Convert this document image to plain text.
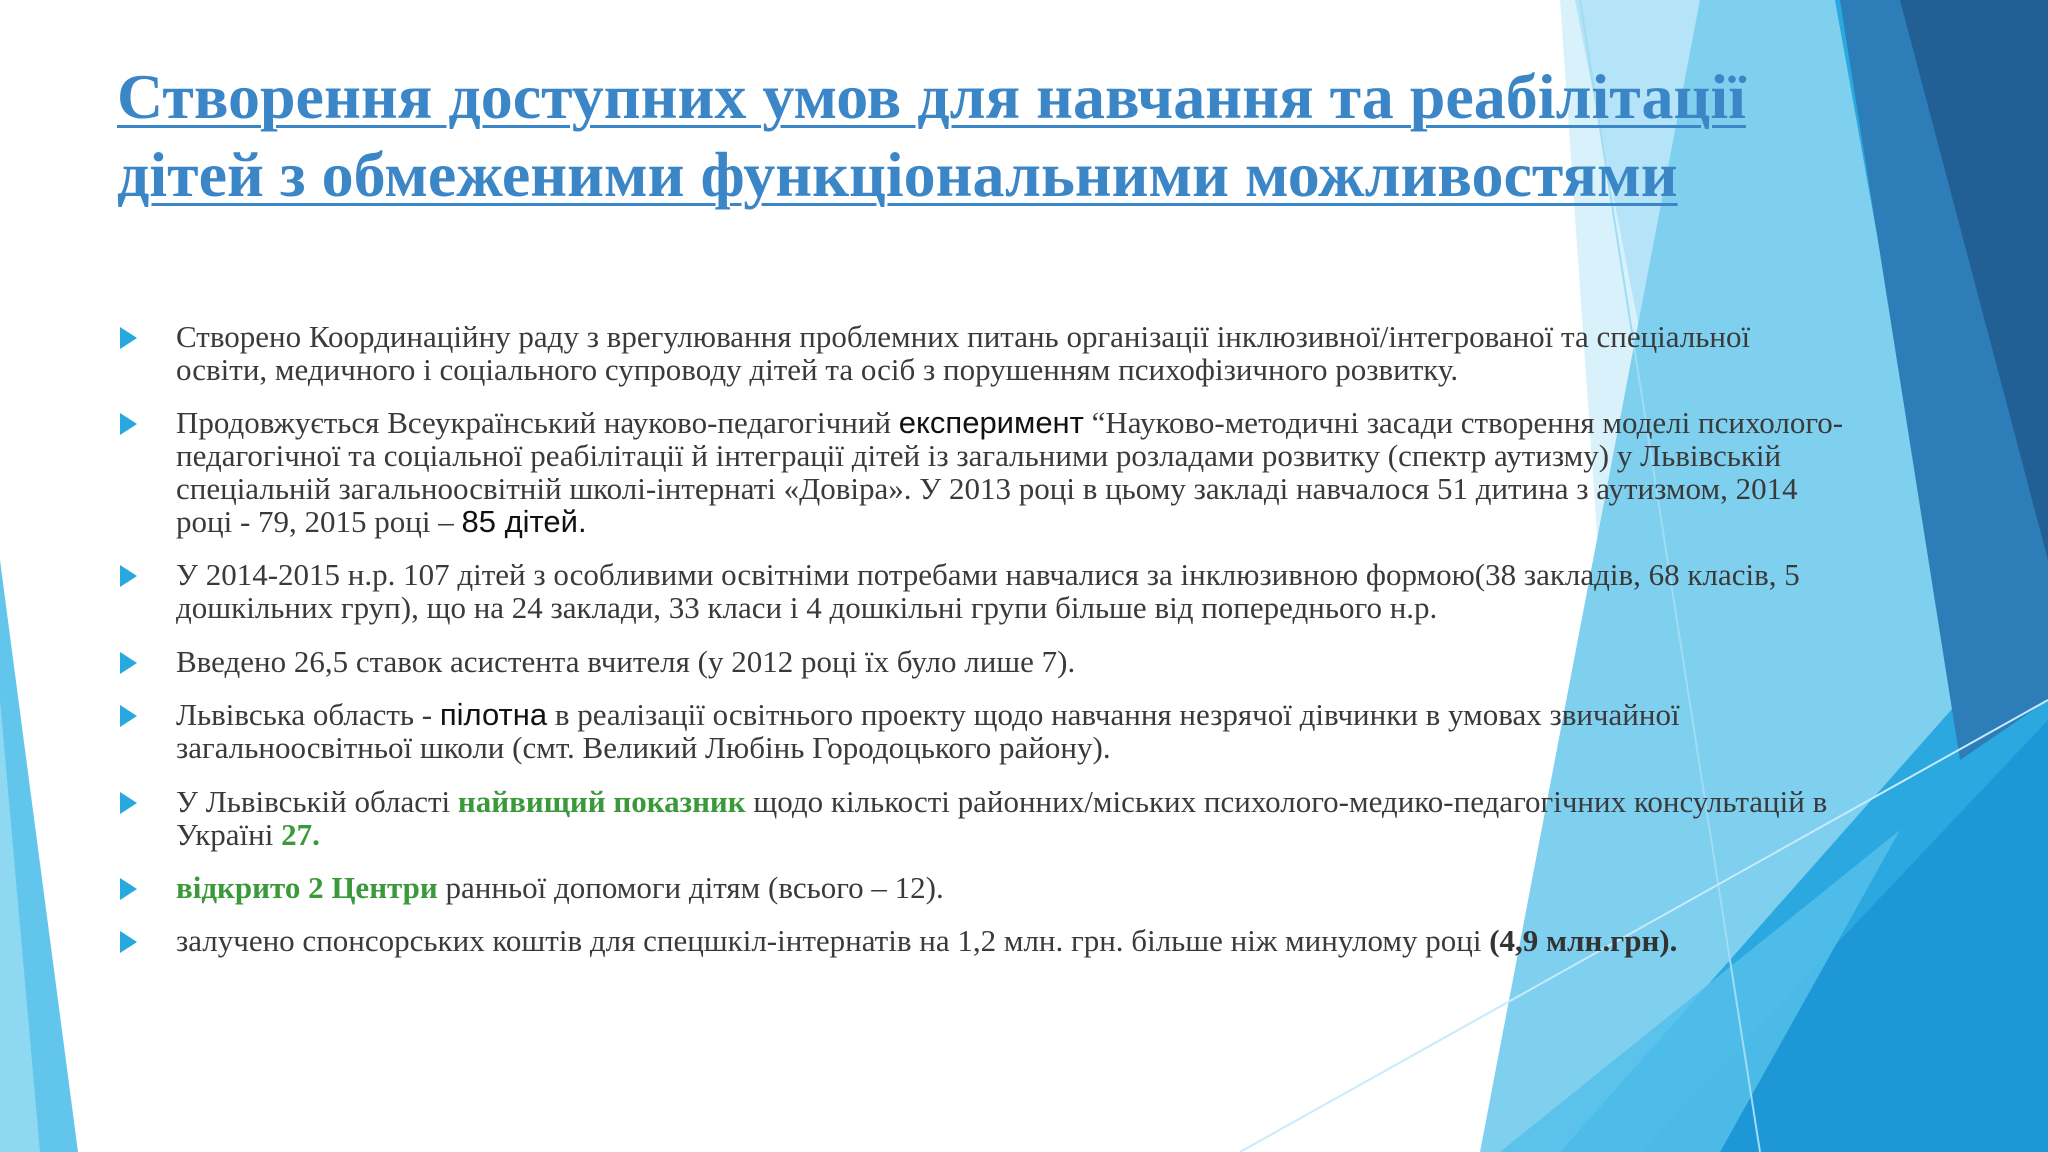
Створення доступних умов для навчання та реабілітації
дітей з обмеженими функціональними можливостями
Створено Координаційну раду з врегулювання проблемних питань організації інклюзивної/інтегрованої та спеціальної освіти, медичного і соціального супроводу дітей та осіб з порушенням психофізичного розвитку.
Продовжується Всеукраїнський науково-педагогічний експеримент “Науково-методичні засади створення моделі психолого-педагогічної та соціальної реабілітації й інтеграції дітей із загальними розладами розвитку (спектр аутизму) у Львівській спеціальній загальноосвітній школі-інтернаті «Довіра». У 2013 році в цьому закладі навчалося 51 дитина з аутизмом, 2014 році - 79, 2015 році – 85 дітей.
У 2014-2015 н.р. 107 дітей з особливими освітніми потребами навчалися за інклюзивною формою(38 закладів, 68 класів, 5 дошкільних груп), що на 24 заклади, 33 класи і 4 дошкільні групи більше від попереднього н.р.
Введено 26,5 ставок асистента вчителя (у 2012 році їх було лише 7).
Львівська область - пілотна в реалізації освітнього проекту щодо навчання незрячої дівчинки в умовах звичайної загальноосвітньої школи (смт. Великий Любінь Городоцького району).
У Львівській області найвищий показник щодо кількості районних/міських психолого-медико-педагогічних консультацій в Україні 27.
відкрито 2 Центри ранньої допомоги дітям (всього – 12).
залучено спонсорських коштів для спецшкіл-інтернатів на 1,2 млн. грн. більше ніж минулому році (4,9 млн.грн).
